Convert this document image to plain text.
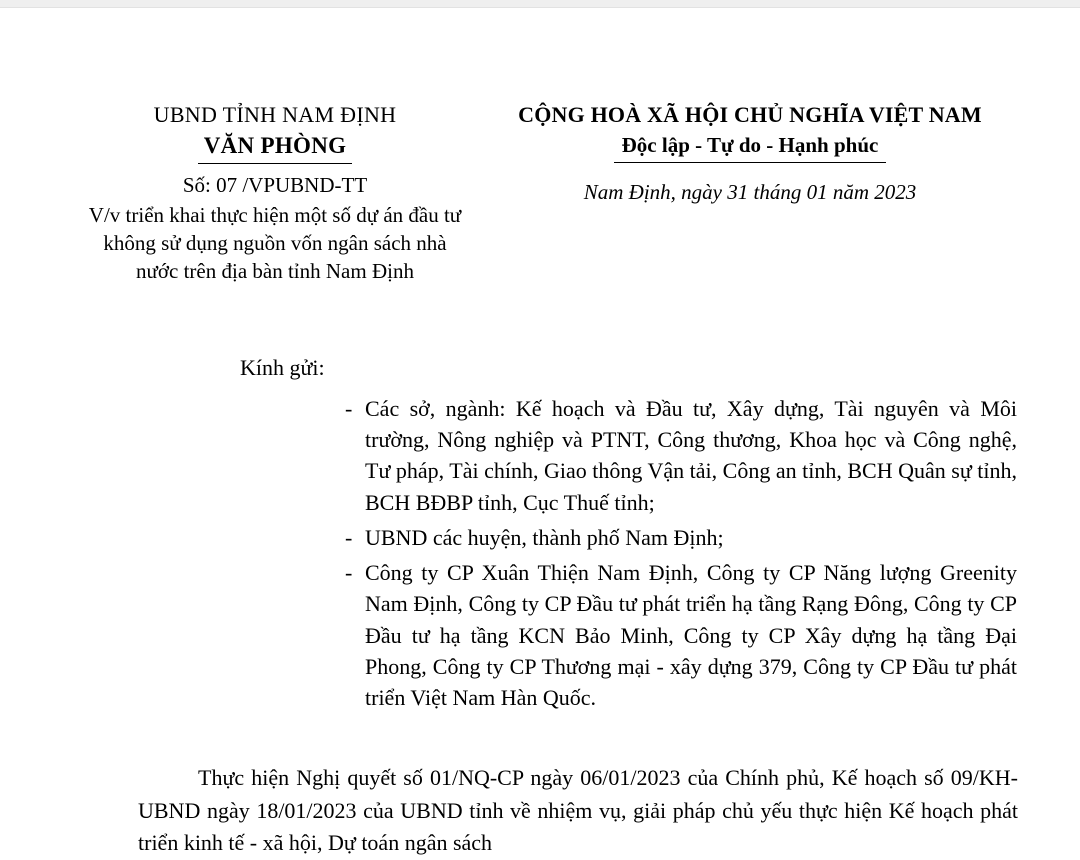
UBND TỈNH NAM ĐỊNH
VĂN PHÒNG
Số: 07 /VPUBND-TT
V/v triển khai thực hiện một số dự án đầu tư không sử dụng nguồn vốn ngân sách nhà nước trên địa bàn tỉnh Nam Định
CỘNG HOÀ XÃ HỘI CHỦ NGHĨA VIỆT NAM
Độc lập - Tự do - Hạnh phúc
Nam Định, ngày 31 tháng 01 năm 2023
Kính gửi:
- Các sở, ngành: Kế hoạch và Đầu tư, Xây dựng, Tài nguyên và Môi trường, Nông nghiệp và PTNT, Công thương, Khoa học và Công nghệ, Tư pháp, Tài chính, Giao thông Vận tải, Công an tỉnh, BCH Quân sự tỉnh, BCH BĐBP tỉnh, Cục Thuế tỉnh;
- UBND các huyện, thành phố Nam Định;
- Công ty CP Xuân Thiện Nam Định, Công ty CP Năng lượng Greenity Nam Định, Công ty CP Đầu tư phát triển hạ tầng Rạng Đông, Công ty CP Đầu tư hạ tầng KCN Bảo Minh, Công ty CP Xây dựng hạ tầng Đại Phong, Công ty CP Thương mại - xây dựng 379, Công ty CP Đầu tư phát triển Việt Nam Hàn Quốc.

Thực hiện Nghị quyết số 01/NQ-CP ngày 06/01/2023 của Chính phủ, Kế hoạch số 09/KH-UBND ngày 18/01/2023 của UBND tỉnh về nhiệm vụ, giải pháp chủ yếu thực hiện Kế hoạch phát triển kinh tế - xã hội, Dự toán ngân sách
